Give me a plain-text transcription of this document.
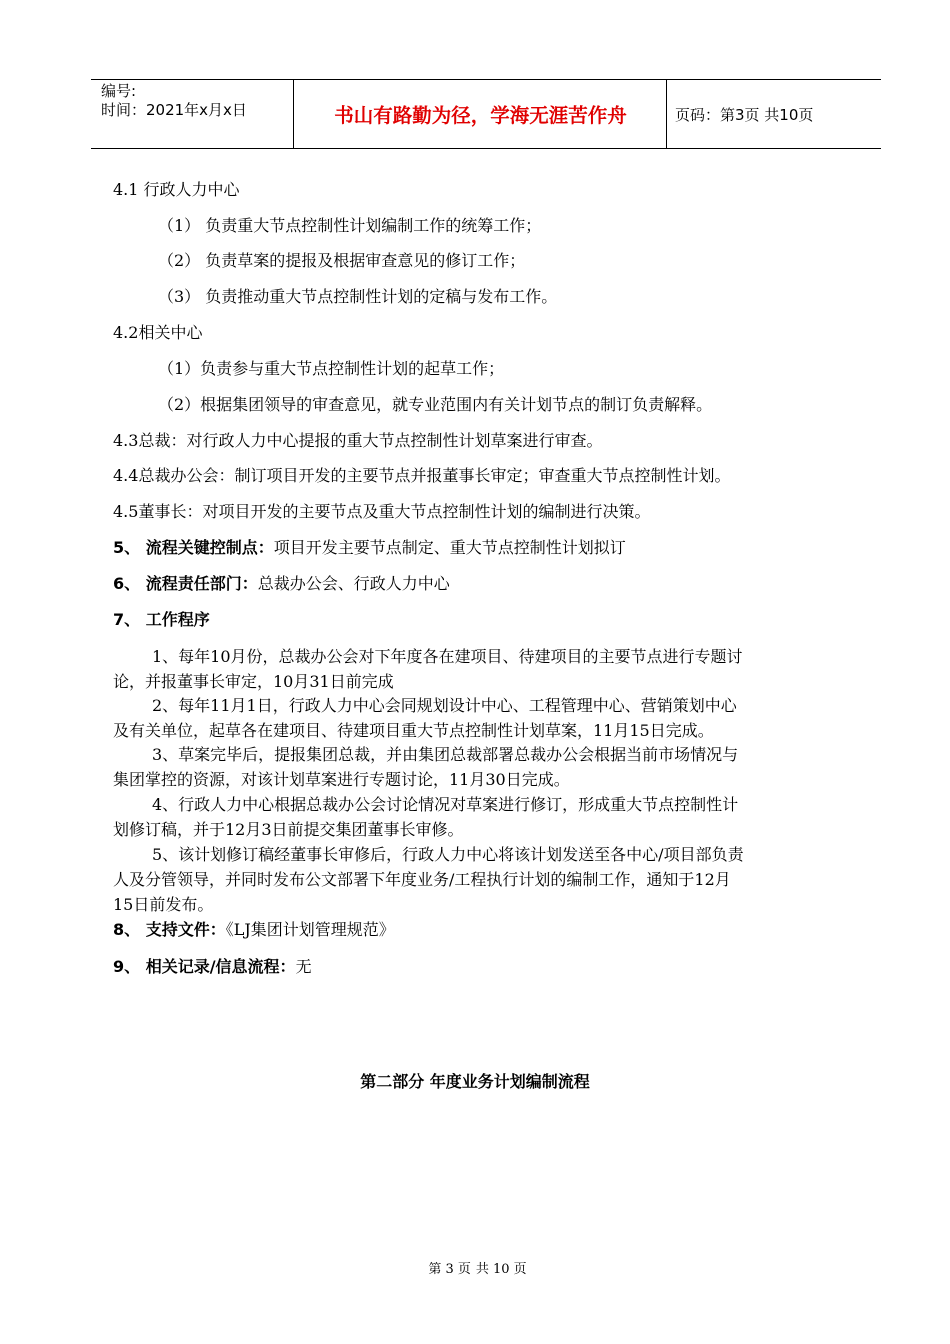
编号:
时间：2021年x月x日	书山有路勤为径，学海无涯苦作舟	页码：第3页 共10页
4.1 行政人力中心
（1） 负责重大节点控制性计划编制工作的统筹工作；
（2） 负责草案的提报及根据审查意见的修订工作；
（3） 负责推动重大节点控制性计划的定稿与发布工作。
4.2相关中心
（1）负责参与重大节点控制性计划的起草工作；
（2）根据集团领导的审查意见，就专业范围内有关计划节点的制订负责解释。
4.3总裁：对行政人力中心提报的重大节点控制性计划草案进行审查。
4.4总裁办公会：制订项目开发的主要节点并报董事长审定；审查重大节点控制性计划。
4.5董事长：对项目开发的主要节点及重大节点控制性计划的编制进行决策。
5、 流程关键控制点：项目开发主要节点制定、重大节点控制性计划拟订
6、 流程责任部门：总裁办公会、行政人力中心
7、 工作程序
1、每年10月份，总裁办公会对下年度各在建项目、待建项目的主要节点进行专题讨
论，并报董事长审定，10月31日前完成
2、每年11月1日，行政人力中心会同规划设计中心、工程管理中心、营销策划中心
及有关单位，起草各在建项目、待建项目重大节点控制性计划草案，11月15日完成。
3、草案完毕后，提报集团总裁，并由集团总裁部署总裁办公会根据当前市场情况与
集团掌控的资源，对该计划草案进行专题讨论，11月30日完成。
4、行政人力中心根据总裁办公会讨论情况对草案进行修订，形成重大节点控制性计
划修订稿，并于12月3日前提交集团董事长审修。
5、该计划修订稿经董事长审修后，行政人力中心将该计划发送至各中心/项目部负责
人及分管领导，并同时发布公文部署下年度业务/工程执行计划的编制工作，通知于12月
15日前发布。
8、 支持文件：《LJ集团计划管理规范》
9、 相关记录/信息流程：无
第二部分 年度业务计划编制流程
第 3 页 共 10 页
